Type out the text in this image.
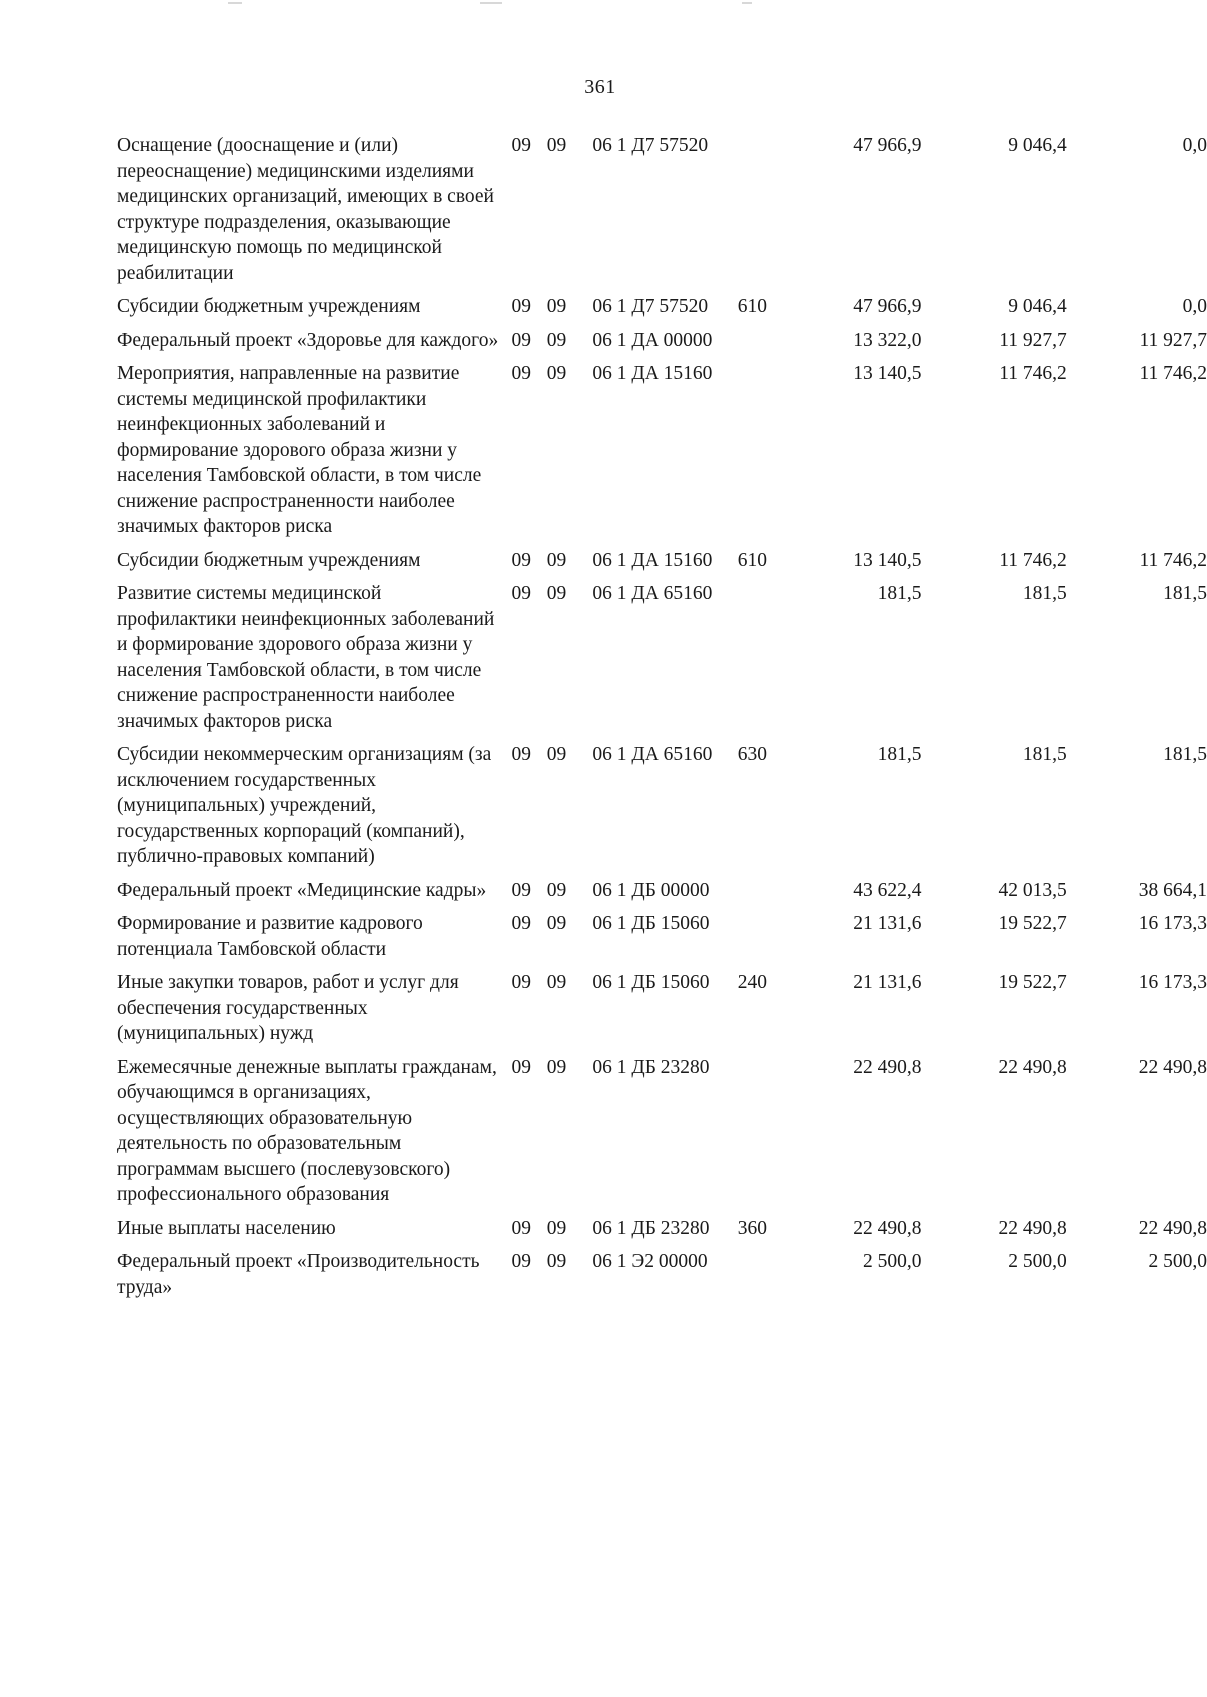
361
Оснащение (дооснащение и (или) переоснащение) медицинскими изделиями медицинских организаций, имеющих в своей структуре подразделения, оказывающие медицинскую помощь по медицинской реабилитации	09	09	06 1 Д7 57520		47 966,9	9 046,4	0,0
Субсидии бюджетным учреждениям	09	09	06 1 Д7 57520	610	47 966,9	9 046,4	0,0
Федеральный проект «Здоровье для каждого»	09	09	06 1 ДА 00000		13 322,0	11 927,7	11 927,7
Мероприятия, направленные на развитие системы медицинской профилактики неинфекционных заболеваний и формирование здорового образа жизни у населения Тамбовской области, в том числе снижение распространенности наиболее значимых факторов риска	09	09	06 1 ДА 15160		13 140,5	11 746,2	11 746,2
Субсидии бюджетным учреждениям	09	09	06 1 ДА 15160	610	13 140,5	11 746,2	11 746,2
Развитие системы медицинской профилактики неинфекционных заболеваний и формирование здорового образа жизни у населения Тамбовской области, в том числе снижение распространенности наиболее значимых факторов риска	09	09	06 1 ДА 65160		181,5	181,5	181,5
Субсидии некоммерческим организациям (за исключением государственных (муниципальных) учреждений, государственных корпораций (компаний), публично-правовых компаний)	09	09	06 1 ДА 65160	630	181,5	181,5	181,5
Федеральный проект «Медицинские кадры»	09	09	06 1 ДБ 00000		43 622,4	42 013,5	38 664,1
Формирование и развитие кадрового потенциала Тамбовской области	09	09	06 1 ДБ 15060		21 131,6	19 522,7	16 173,3
Иные закупки товаров, работ и услуг для обеспечения государственных (муниципальных) нужд	09	09	06 1 ДБ 15060	240	21 131,6	19 522,7	16 173,3
Ежемесячные денежные выплаты гражданам, обучающимся в организациях, осуществляющих образовательную деятельность по образовательным программам высшего (послевузовского) профессионального образования	09	09	06 1 ДБ 23280		22 490,8	22 490,8	22 490,8
Иные выплаты населению	09	09	06 1 ДБ 23280	360	22 490,8	22 490,8	22 490,8
Федеральный проект «Производительность труда»	09	09	06 1 Э2 00000		2 500,0	2 500,0	2 500,0
